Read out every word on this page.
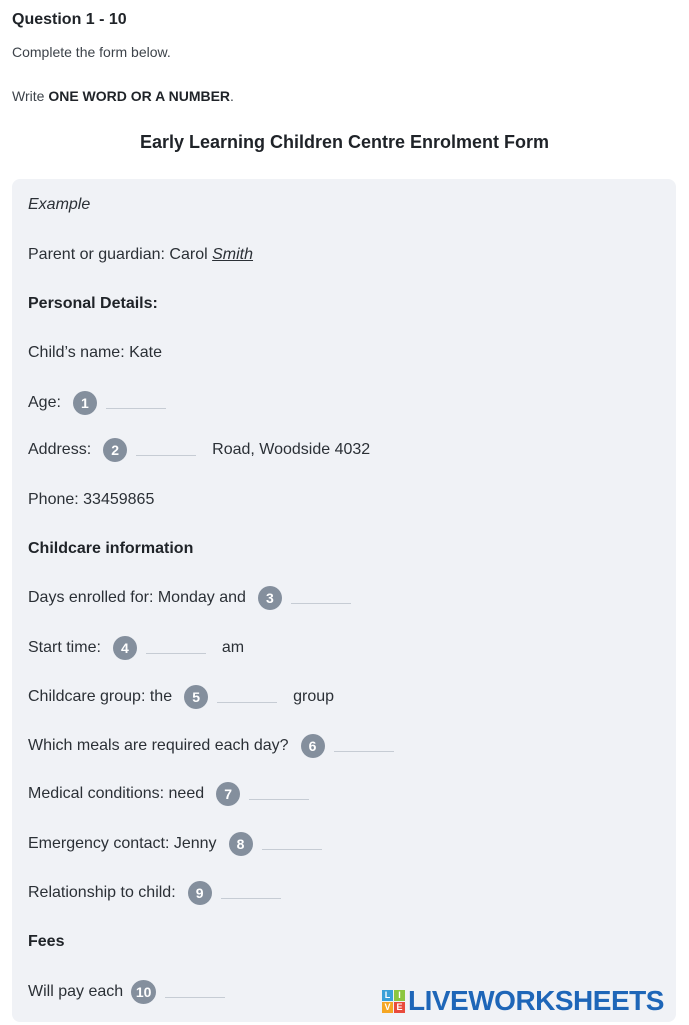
Question 1 - 10
Complete the form below.
Write ONE WORD OR A NUMBER.
Early Learning Children Centre Enrolment Form
Example
Parent or guardian: Carol Smith
Personal Details:
Child’s name: Kate
Age:	1
Address:	2	Road, Woodside 4032
Phone: 33459865
Childcare information
Days enrolled for: Monday and	3
Start time:	4	am
Childcare group: the	5	group
Which meals are required each day?	6
Medical conditions: need	7
Emergency contact: Jenny	8
Relationship to child:	9
Fees
Will pay each 10	L I
V E LIVEWORKSHEETS
